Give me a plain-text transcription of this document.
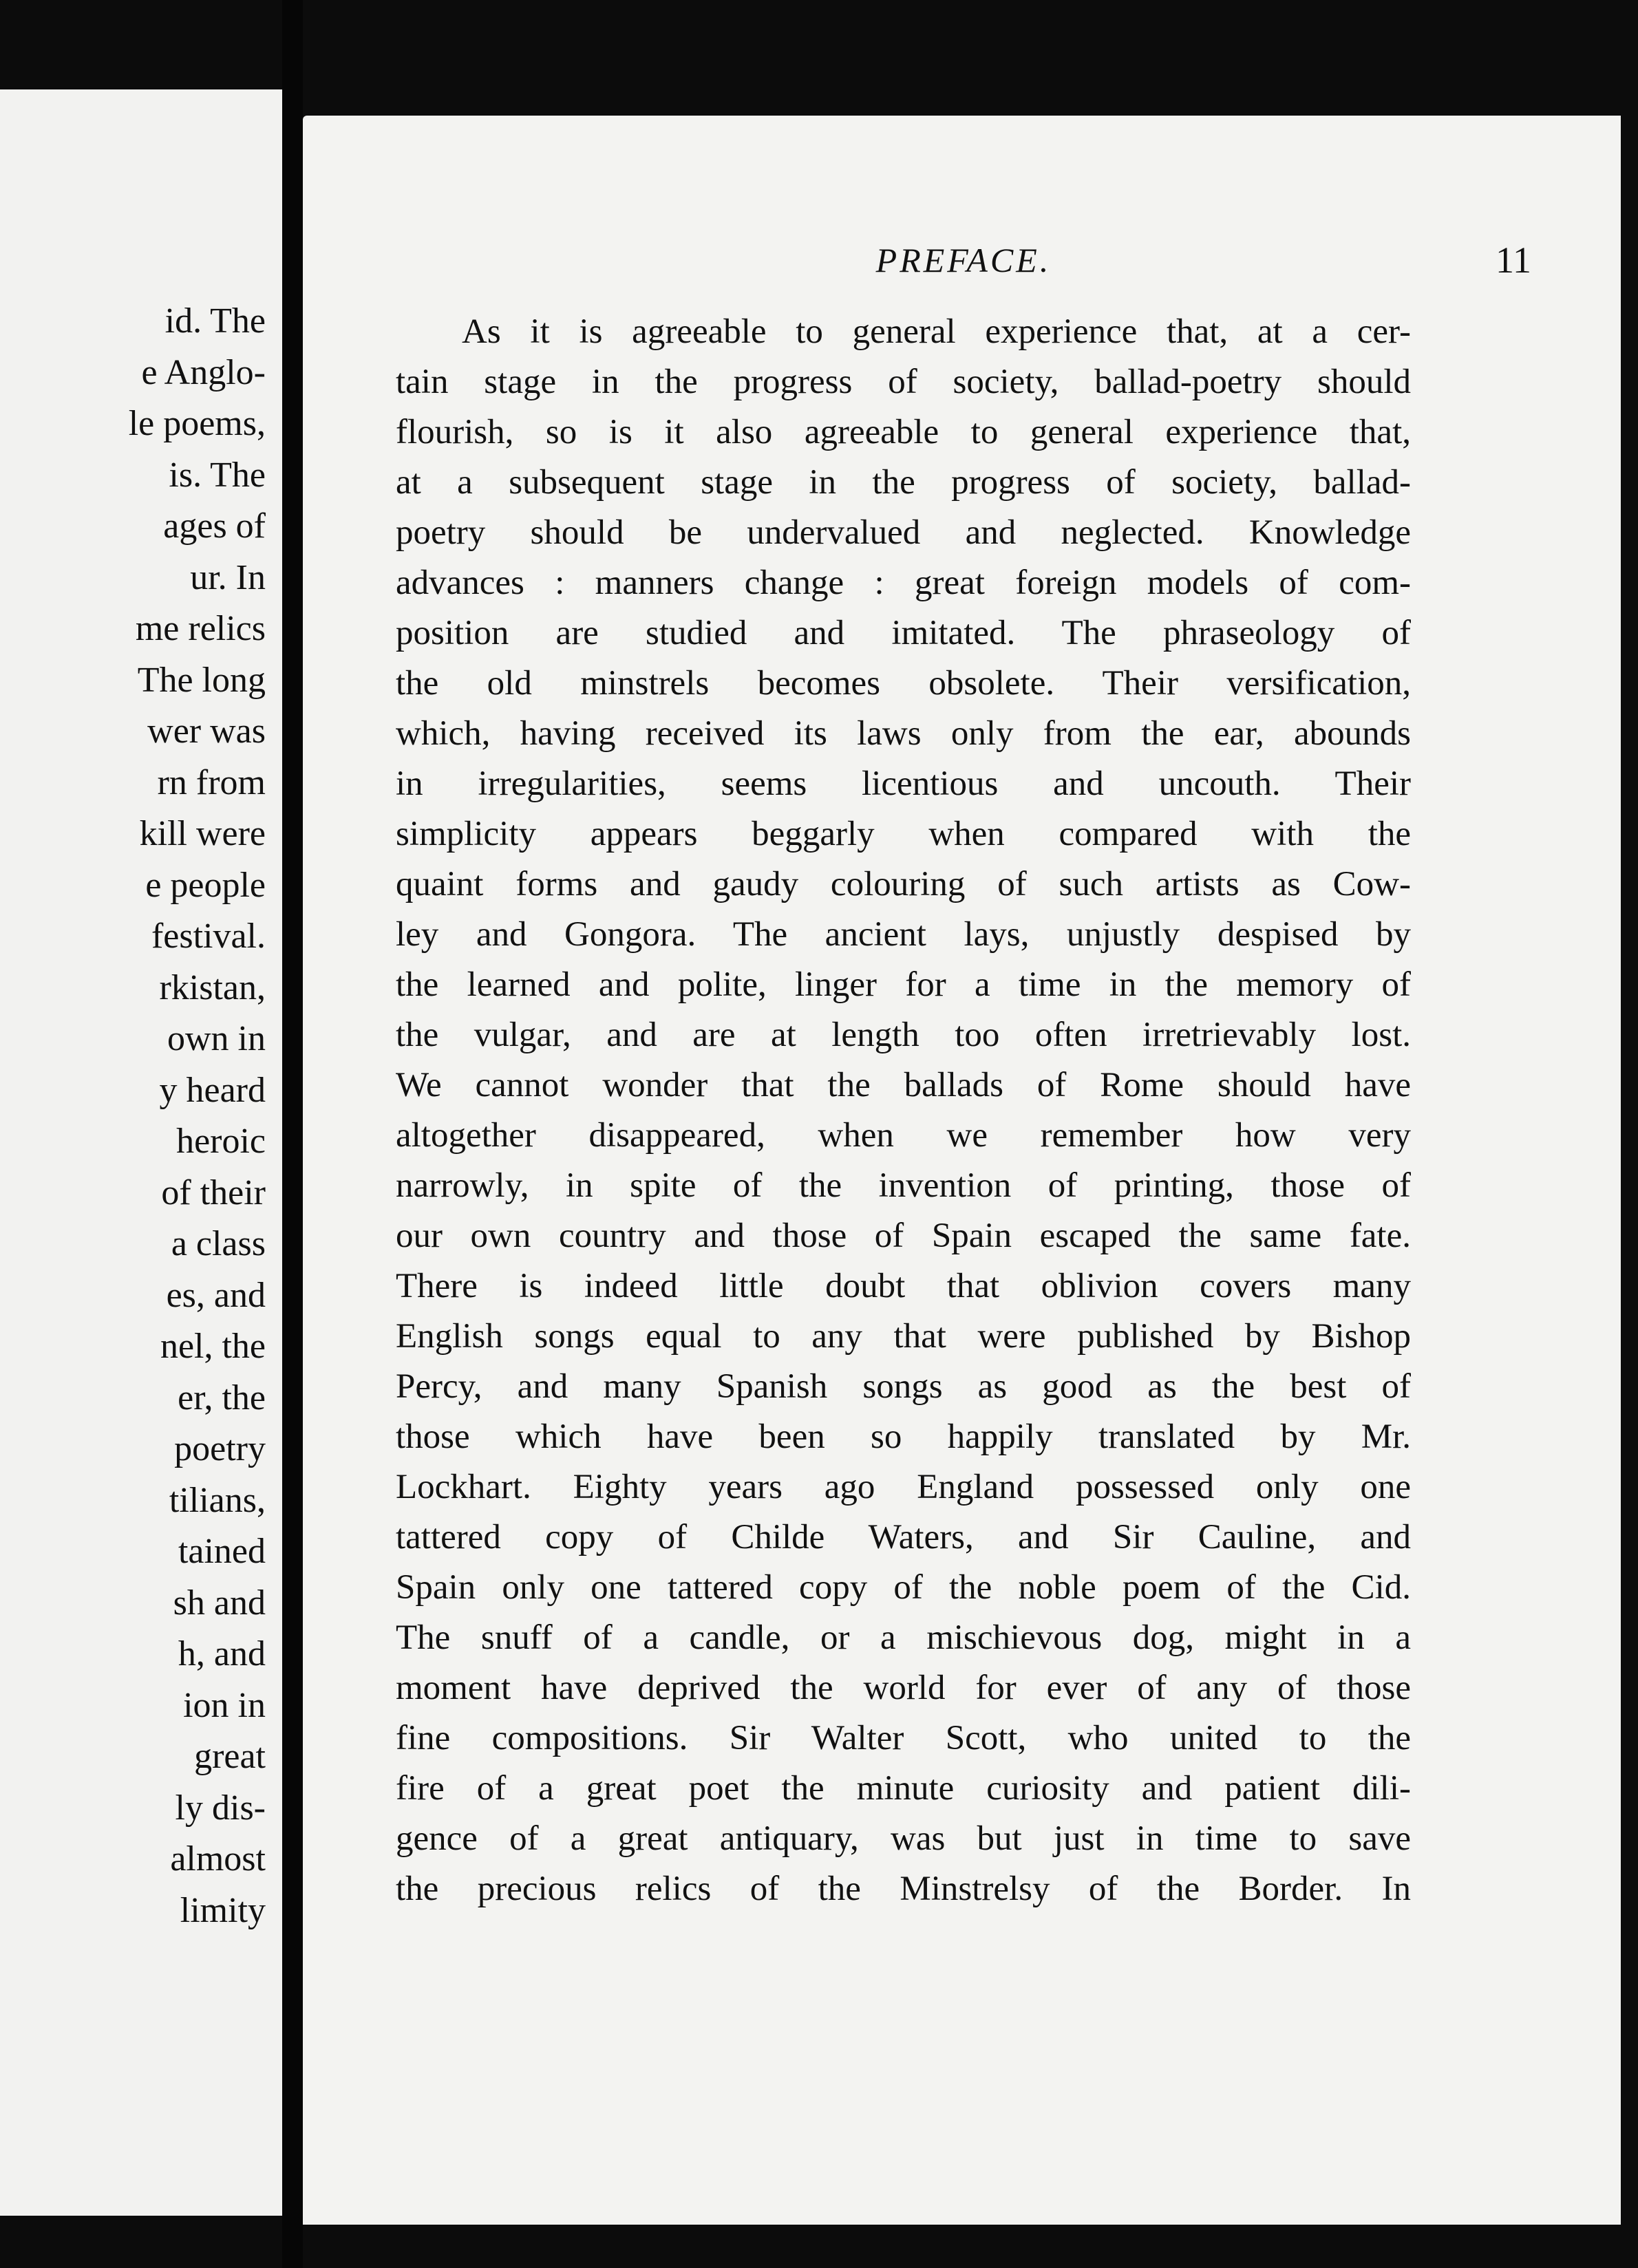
id. The
e Anglo-
le poems,
is. The
ages of
ur. In
me relics
The long
wer was
rn from
kill were
e people
festival.
rkistan,
own in
y heard
heroic
of their
a class
es, and
nel, the
er, the
poetry
tilians,
tained
sh and
h, and
ion in
great
ly dis-
almost
limity
PREFACE.	11
As it is agreeable to general experience that, at a cer-
tain stage in the progress of society, ballad-poetry should
flourish, so is it also agreeable to general experience that,
at a subsequent stage in the progress of society, ballad-
poetry should be undervalued and neglected. Knowledge
advances : manners change : great foreign models of com-
position are studied and imitated. The phraseology of
the old minstrels becomes obsolete. Their versification,
which, having received its laws only from the ear, abounds
in irregularities, seems licentious and uncouth. Their
simplicity appears beggarly when compared with the
quaint forms and gaudy colouring of such artists as Cow-
ley and Gongora. The ancient lays, unjustly despised by
the learned and polite, linger for a time in the memory of
the vulgar, and are at length too often irretrievably lost.
We cannot wonder that the ballads of Rome should have
altogether disappeared, when we remember how very
narrowly, in spite of the invention of printing, those of
our own country and those of Spain escaped the same fate.
There is indeed little doubt that oblivion covers many
English songs equal to any that were published by Bishop
Percy, and many Spanish songs as good as the best of
those which have been so happily translated by Mr.
Lockhart. Eighty years ago England possessed only one
tattered copy of Childe Waters, and Sir Cauline, and
Spain only one tattered copy of the noble poem of the Cid.
The snuff of a candle, or a mischievous dog, might in a
moment have deprived the world for ever of any of those
fine compositions. Sir Walter Scott, who united to the
fire of a great poet the minute curiosity and patient dili-
gence of a great antiquary, was but just in time to save
the precious relics of the Minstrelsy of the Border. In
